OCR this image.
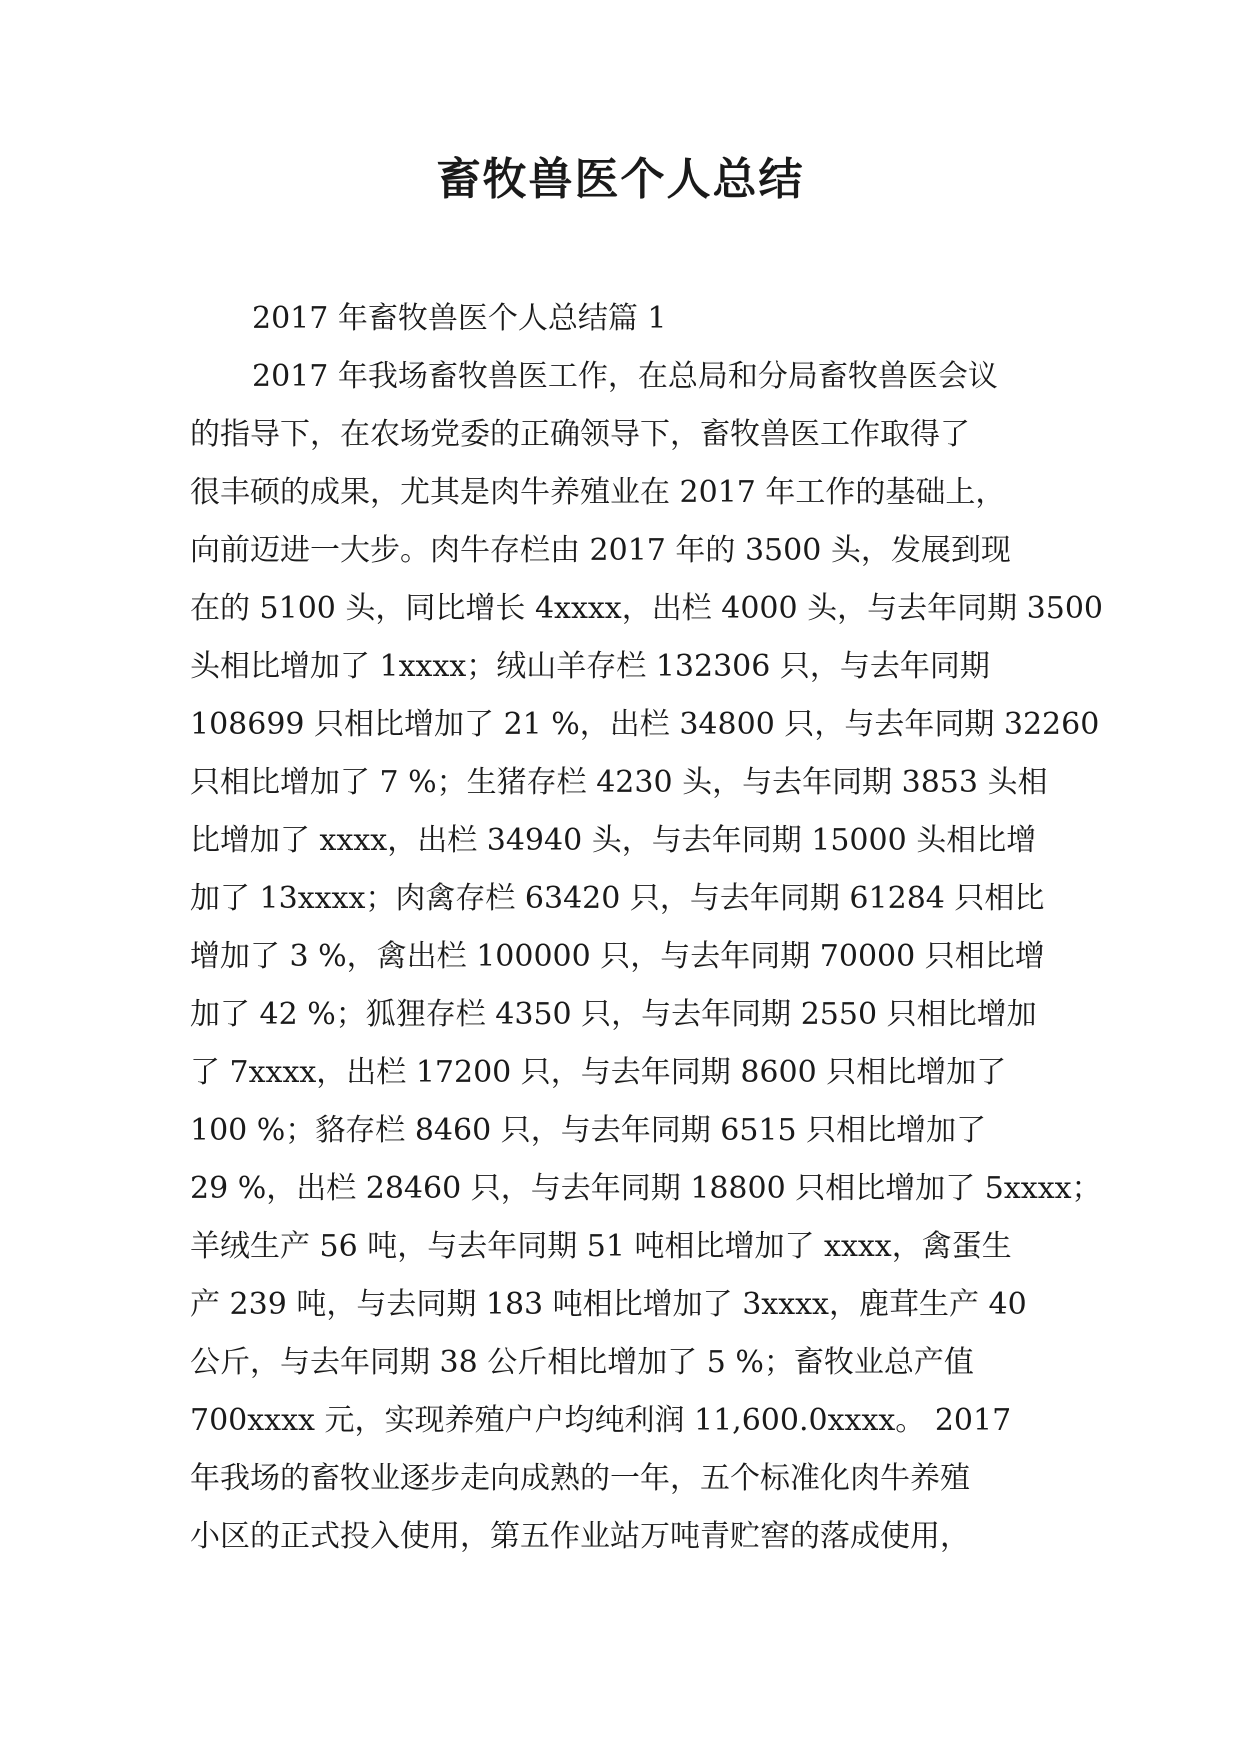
畜牧兽医个人总结

2017 年畜牧兽医个人总结篇 1

2017 年我场畜牧兽医工作，在总局和分局畜牧兽医会议

的指导下，在农场党委的正确领导下，畜牧兽医工作取得了

很丰硕的成果，尤其是肉牛养殖业在 2017 年工作的基础上，

向前迈进一大步。肉牛存栏由 2017 年的 3500 头，发展到现

在的 5100 头，同比增长 4xxxx，出栏 4000 头，与去年同期 3500

头相比增加了 1xxxx；绒山羊存栏 132306 只，与去年同期

108699 只相比增加了 21 %，出栏 34800 只，与去年同期 32260

只相比增加了 7 %；生猪存栏 4230 头，与去年同期 3853 头相

比增加了 xxxx，出栏 34940 头，与去年同期 15000 头相比增

加了 13xxxx；肉禽存栏 63420 只，与去年同期 61284 只相比

增加了 3 %，禽出栏 100000 只，与去年同期 70000 只相比增

加了 42 %；狐狸存栏 4350 只，与去年同期 2550 只相比增加

了 7xxxx，出栏 17200 只，与去年同期 8600 只相比增加了

100 %；貉存栏 8460 只，与去年同期 6515 只相比增加了

29 %，出栏 28460 只，与去年同期 18800 只相比增加了 5xxxx；

羊绒生产 56 吨，与去年同期 51 吨相比增加了 xxxx，禽蛋生

产 239 吨，与去同期 183 吨相比增加了 3xxxx，鹿茸生产 40

公斤，与去年同期 38 公斤相比增加了 5 %；畜牧业总产值

700xxxx 元，实现养殖户户均纯利润 11,600.0xxxx。 2017

年我场的畜牧业逐步走向成熟的一年，五个标准化肉牛养殖

小区的正式投入使用，第五作业站万吨青贮窖的落成使用，
